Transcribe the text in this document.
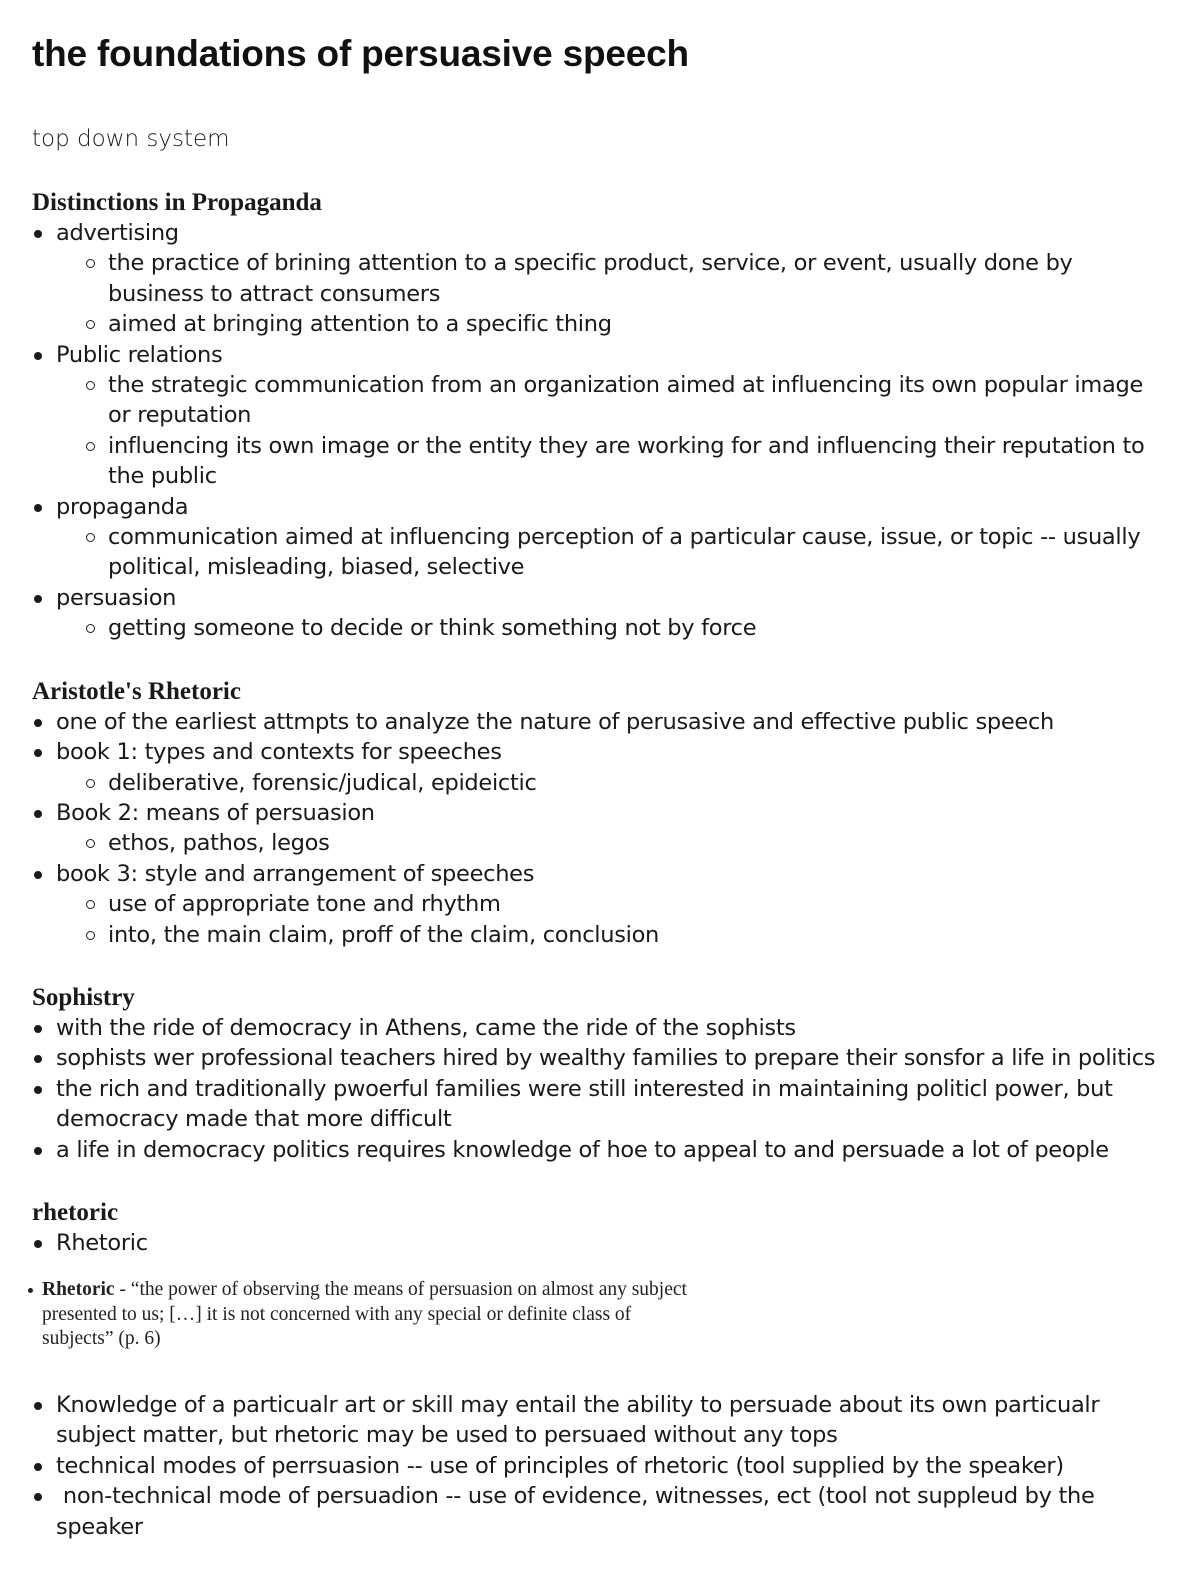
the foundations of persuasive speech
top down system
Distinctions in Propaganda
advertising
the practice of brining attention to a specific product, service, or event, usually done by business to attract consumers
aimed at bringing attention to a specific thing
Public relations
the strategic communication from an organization aimed at influencing its own popular image or reputation
influencing its own image or the entity they are working for and influencing their reputation to the public
propaganda
communication aimed at influencing perception of a particular cause, issue, or topic -- usually political, misleading, biased, selective
persuasion
getting someone to decide or think something not by force
Aristotle's Rhetoric
one of the earliest attmpts to analyze the nature of perusasive and effective public speech
book 1: types and contexts for speeches
deliberative, forensic/judical, epideictic
Book 2: means of persuasion
ethos, pathos, legos
book 3: style and arrangement of speeches
use of appropriate tone and rhythm
into, the main claim, proff of the claim, conclusion
Sophistry
with the ride of democracy in Athens, came the ride of the sophists
sophists wer professional teachers hired by wealthy families to prepare their sonsfor a life in politics
the rich and traditionally pwoerful families were still interested in maintaining politicl power, but democracy made that more difficult
a life in democracy politics requires knowledge of hoe to appeal to and persuade a lot of people
rhetoric
Rhetoric
Rhetoric - “the power of observing the means of persuasion on almost any subject presented to us; […] it is not concerned with any special or definite class of subjects” (p. 6)
Knowledge of a particualr art or skill may entail the ability to persuade about its own particualr subject matter, but rhetoric may be used to persuaed without any tops
technical modes of perrsuasion -- use of principles of rhetoric (tool supplied by the speaker)
non-technical mode of persuadion -- use of evidence, witnesses, ect (tool not suppleud by the speaker
